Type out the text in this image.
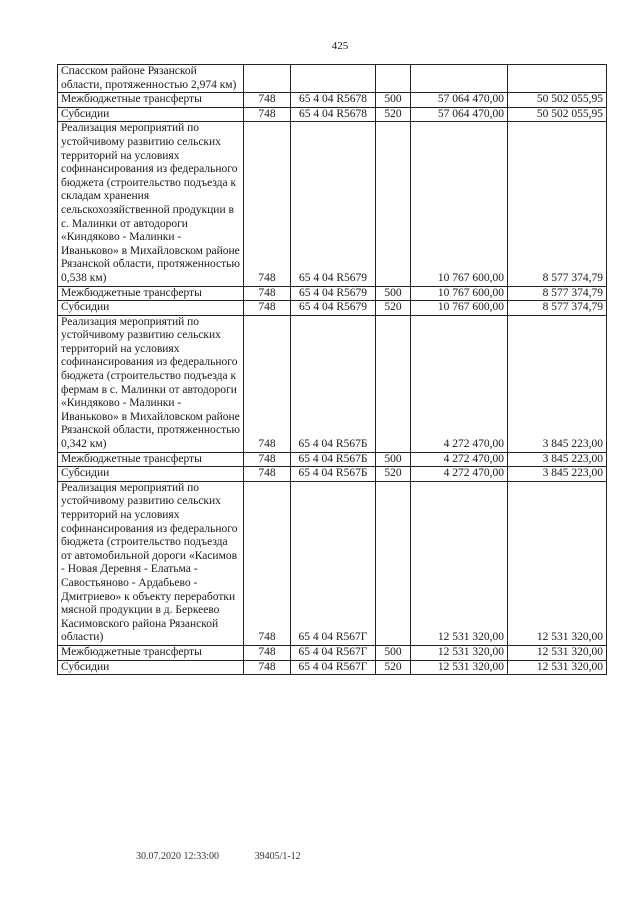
425
Спасском районе Рязанской области, протяженностью 2,974 км)					
Межбюджетные трансферты	748	65 4 04 R5678	500	57 064 470,00	50 502 055,95
Субсидии	748	65 4 04 R5678	520	57 064 470,00	50 502 055,95
Реализация мероприятий по устойчивому развитию сельских территорий на условиях софинансирования из федерального бюджета (строительство подъезда к складам хранения сельскохозяйственной продукции в с. Малинки от автодороги «Киндяково - Малинки - Иваньково» в Михайловском районе Рязанской области, протяженностью 0,538 км)	748	65 4 04 R5679		10 767 600,00	8 577 374,79
Межбюджетные трансферты	748	65 4 04 R5679	500	10 767 600,00	8 577 374,79
Субсидии	748	65 4 04 R5679	520	10 767 600,00	8 577 374,79
Реализация мероприятий по устойчивому развитию сельских территорий на условиях софинансирования из федерального бюджета (строительство подъезда к фермам в с. Малинки от автодороги «Киндяково - Малинки - Иваньково» в Михайловском районе Рязанской области, протяженностью 0,342 км)	748	65 4 04 R567Б		4 272 470,00	3 845 223,00
Межбюджетные трансферты	748	65 4 04 R567Б	500	4 272 470,00	3 845 223,00
Субсидии	748	65 4 04 R567Б	520	4 272 470,00	3 845 223,00
Реализация мероприятий по устойчивому развитию сельских территорий на условиях софинансирования из федерального бюджета (строительство подъезда от автомобильной дороги «Касимов - Новая Деревня - Елатьма - Савостьяново - Ардабьево - Дмитриево» к объекту переработки мясной продукции в д. Беркеево Касимовского района Рязанской области)	748	65 4 04 R567Г		12 531 320,00	12 531 320,00
Межбюджетные трансферты	748	65 4 04 R567Г	500	12 531 320,00	12 531 320,00
Субсидии	748	65 4 04 R567Г	520	12 531 320,00	12 531 320,00
30.07.2020 12:33:00	39405/1-12
